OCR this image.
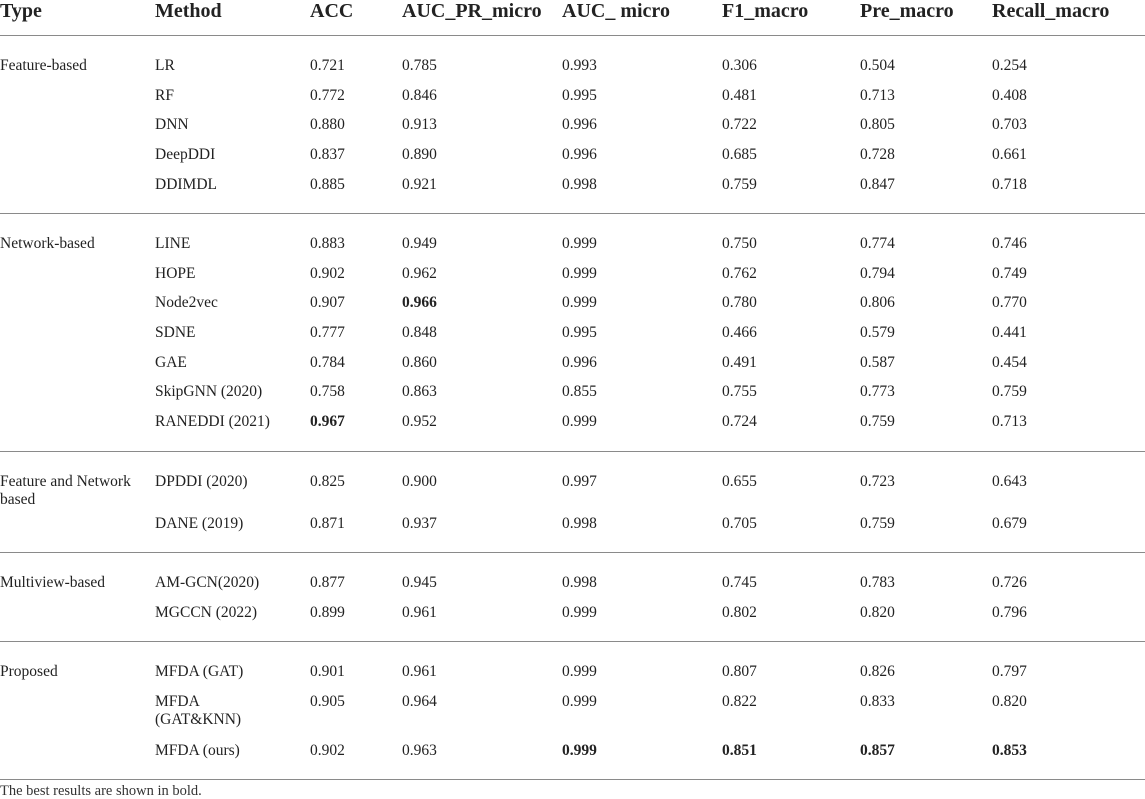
Type	Method	ACC	AUC_PR_micro	AUC_ micro	F1_macro	Pre_macro	Recall_macro
Feature-based	LR	0.721	0.785	0.993	0.306	0.504	0.254
	RF	0.772	0.846	0.995	0.481	0.713	0.408
	DNN	0.880	0.913	0.996	0.722	0.805	0.703
	DeepDDI	0.837	0.890	0.996	0.685	0.728	0.661
	DDIMDL	0.885	0.921	0.998	0.759	0.847	0.718
Network-based	LINE	0.883	0.949	0.999	0.750	0.774	0.746
	HOPE	0.902	0.962	0.999	0.762	0.794	0.749
	Node2vec	0.907	0.966	0.999	0.780	0.806	0.770
	SDNE	0.777	0.848	0.995	0.466	0.579	0.441
	GAE	0.784	0.860	0.996	0.491	0.587	0.454
	SkipGNN (2020)	0.758	0.863	0.855	0.755	0.773	0.759
	RANEDDI (2021)	0.967	0.952	0.999	0.724	0.759	0.713
Feature and Network based	DPDDI (2020)	0.825	0.900	0.997	0.655	0.723	0.643
	DANE (2019)	0.871	0.937	0.998	0.705	0.759	0.679
Multiview-based	AM-GCN(2020)	0.877	0.945	0.998	0.745	0.783	0.726
	MGCCN (2022)	0.899	0.961	0.999	0.802	0.820	0.796
Proposed	MFDA (GAT)	0.901	0.961	0.999	0.807	0.826	0.797
	MFDA (GAT&KNN)	0.905	0.964	0.999	0.822	0.833	0.820
	MFDA (ours)	0.902	0.963	0.999	0.851	0.857	0.853
The best results are shown in bold.
